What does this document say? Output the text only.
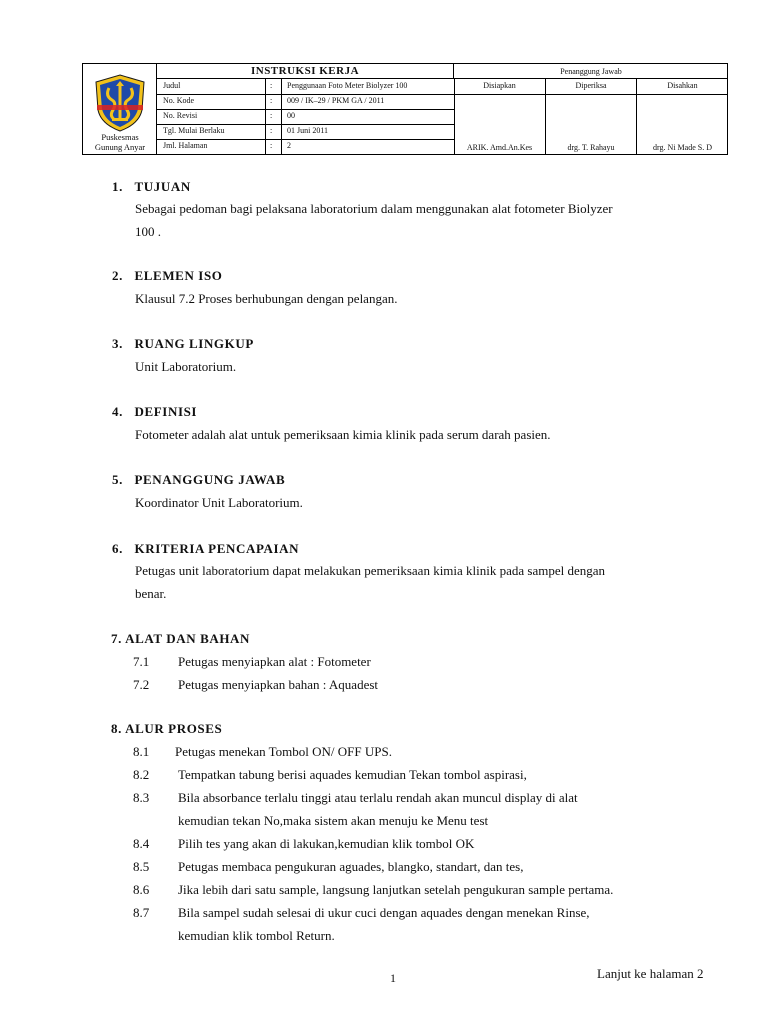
Puskesmas
Gunung Anyar
INSTRUKSI KERJA
Judul	: Penggunaan Foto Meter Biolyzer 100
No. Kode	: 009 / IK–29 / PKM GA / 2011
No. Revisi	: 00
Tgl. Mulai Berlaku	: 01 Juni 2011
Jml. Halaman	: 2
Penanggung Jawab
Disiapkan
ARIK. Amd.An.Kes
Diperiksa
drg. T. Rahayu
Disahkan
drg. Ni Made S. D
1.   TUJUAN
Sebagai pedoman bagi pelaksana laboratorium dalam menggunakan alat fotometer Biolyzer
100 .
2.   ELEMEN ISO
Klausul 7.2 Proses berhubungan dengan pelangan.
3.   RUANG LINGKUP
Unit Laboratorium.
4.   DEFINISI
Fotometer adalah alat untuk pemeriksaan kimia klinik pada serum darah pasien.
5.   PENANGGUNG JAWAB
Koordinator Unit Laboratorium.
6.   KRITERIA PENCAPAIAN
Petugas unit laboratorium dapat melakukan pemeriksaan kimia klinik pada sampel dengan
benar.
7. ALAT DAN BAHAN
7.1 Petugas menyiapkan alat : Fotometer
7.2 Petugas menyiapkan bahan : Aquadest
8. ALUR PROSES
8.1 Petugas menekan Tombol ON/ OFF UPS.
8.2 Tempatkan tabung berisi aquades kemudian Tekan tombol aspirasi,
8.3 Bila absorbance terlalu tinggi atau terlalu rendah akan muncul display di alat
kemudian tekan No,maka sistem akan menuju ke Menu test
8.4 Pilih tes yang akan di lakukan,kemudian klik tombol OK
8.5 Petugas membaca pengukuran aguades, blangko, standart, dan tes,
8.6 Jika lebih dari satu sample, langsung lanjutkan setelah pengukuran sample pertama.
8.7 Bila sampel sudah selesai di ukur cuci dengan aquades dengan menekan Rinse,
kemudian klik tombol Return.
1	Lanjut ke halaman 2
